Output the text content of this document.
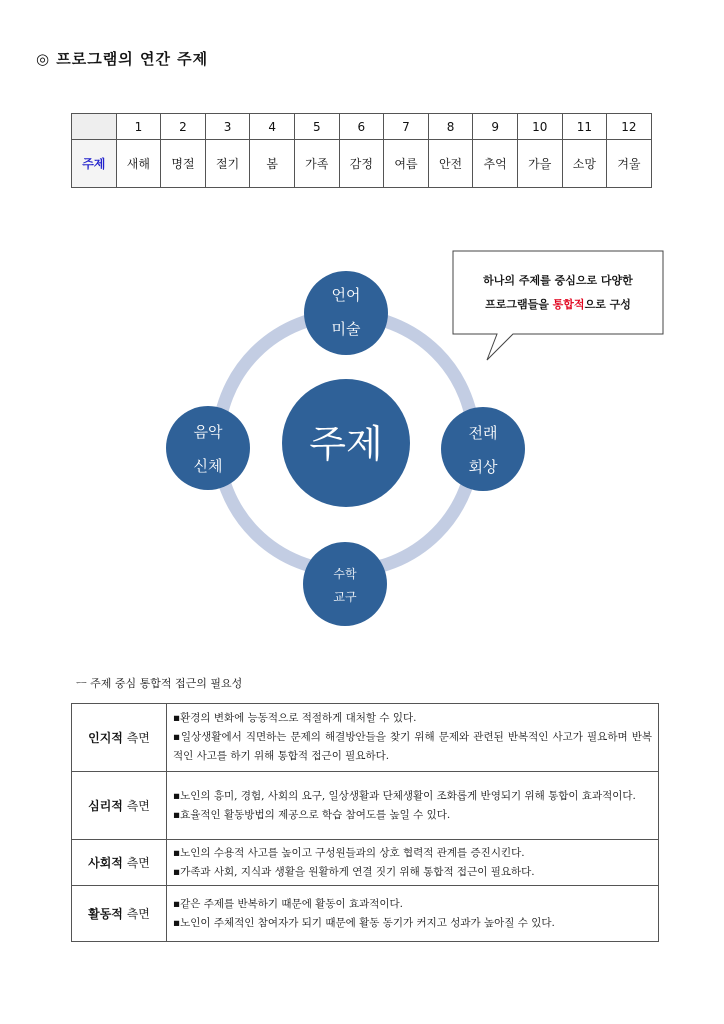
◎ 프로그램의 연간 주제
	1	2	3	4	5	6	7	8	9	10	11	12
주제	새해	명절	절기	봄	가족	감정	여름	안전	추억	가을	소망	겨울
주제
언어
미술
전래
회상
수학
교구
음악
신체
하나의 주제를 중심으로 다양한
프로그램들을 통합적으로 구성
ㅡ 주제 중심 통합적 접근의 필요성
인지적 측면	▪환경의 변화에 능동적으로 적절하게 대처할 수 있다.
▪일상생활에서 직면하는 문제의 해결방안들을 찾기 위해 문제와 관련된 반복적인 사고가 필요하며 반복적인 사고를 하기 위해 통합적 접근이 필요하다.

심리적 측면	▪노인의 흥미, 경험, 사회의 요구, 일상생활과 단체생활이 조화롭게 반영되기 위해 통합이 효과적이다.
▪효율적인 활동방법의 제공으로 학습 참여도를 높일 수 있다.

사회적 측면	▪노인의 수용적 사고를 높이고 구성원들과의 상호 협력적 관계를 증진시킨다.
▪가족과 사회, 지식과 생활을 원활하게 연결 짓기 위해 통합적 접근이 필요하다.

활동적 측면	▪같은 주제를 반복하기 때문에 활동이 효과적이다.
▪노인이 주체적인 참여자가 되기 때문에 활동 동기가 커지고 성과가 높아질 수 있다.
